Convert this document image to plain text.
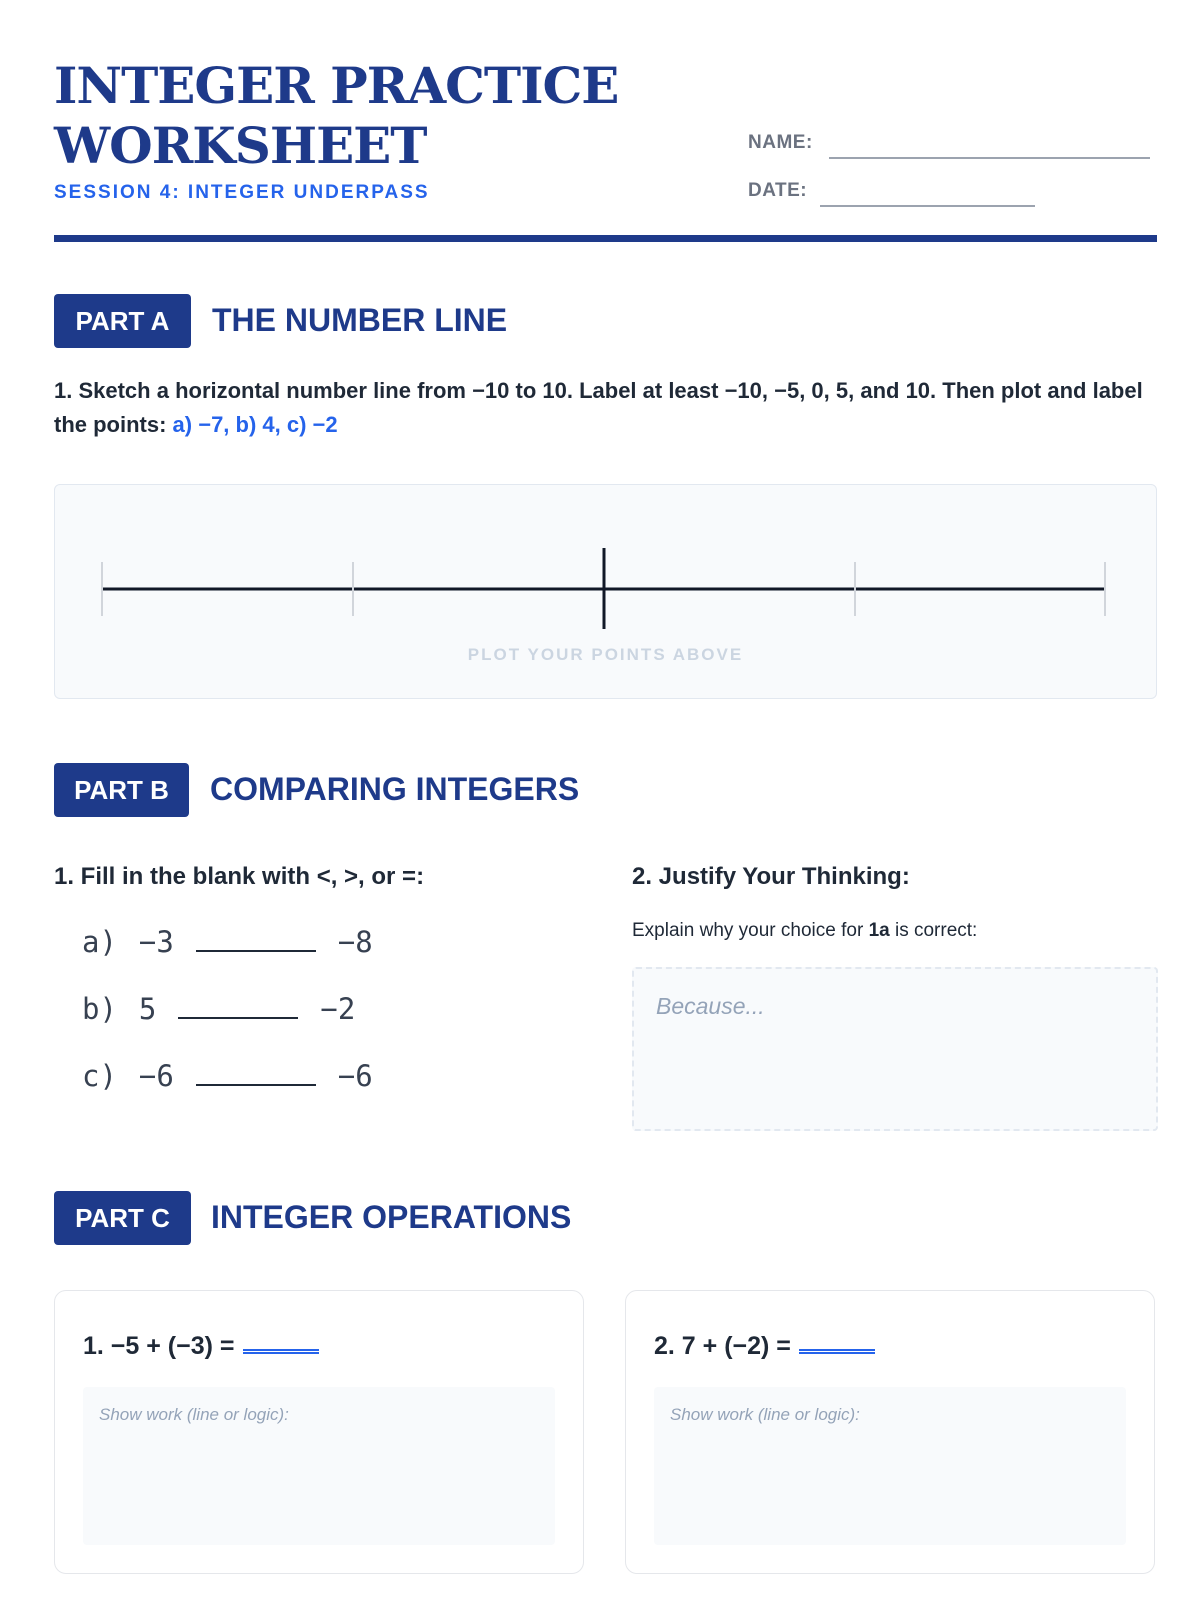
INTEGER PRACTICE
WORKSHEET
SESSION 4: INTEGER UNDERPASS
NAME:
DATE:
PART A	THE NUMBER LINE
1. Sketch a horizontal number line from −10 to 10. Label at least −10, −5, 0, 5, and 10. Then plot and label the points: a) −7, b) 4, c) −2
PLOT YOUR POINTS ABOVE
PART B	COMPARING INTEGERS
1. Fill in the blank with <, >, or =:
a) −3	−8
b) 5	−2
c) −6	−6
2. Justify Your Thinking:
Explain why your choice for 1a is correct:
Because...
PART C	INTEGER OPERATIONS
1. −5 + (−3) =
Show work (line or logic):
2. 7 + (−2) =
Show work (line or logic):
